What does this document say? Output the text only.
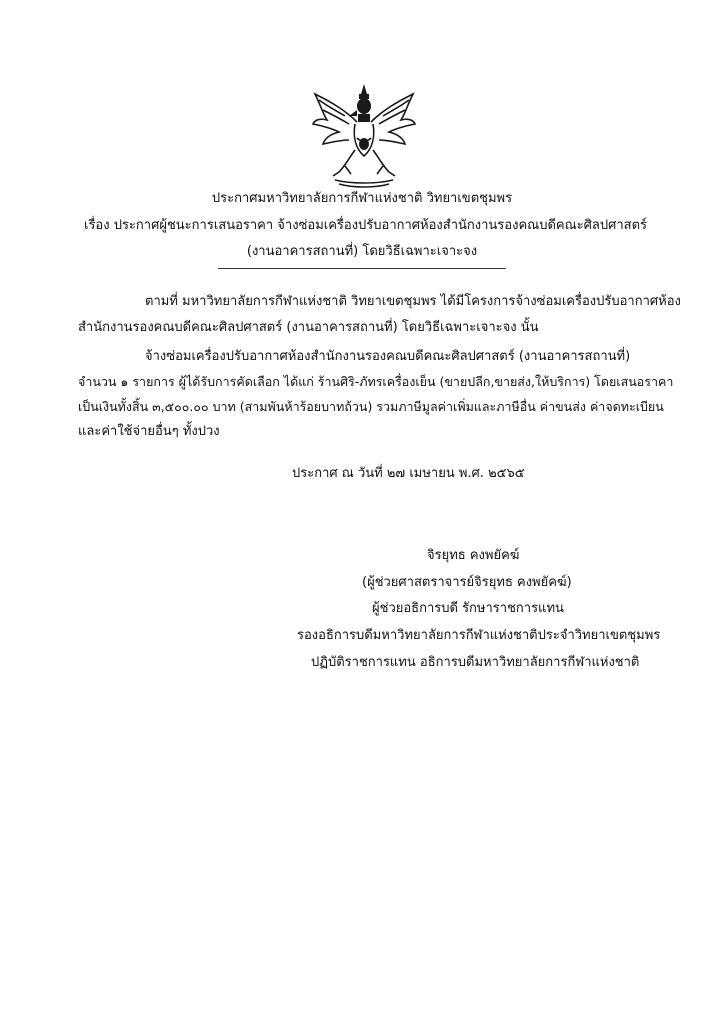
ประกาศมหาวิทยาลัยการกีฬาแห่งชาติ วิทยาเขตชุมพร
เรื่อง ประกาศผู้ชนะการเสนอราคา จ้างซ่อมเครื่องปรับอากาศห้องสำนักงานรองคณบดีคณะศิลปศาสตร์
(งานอาคารสถานที่) โดยวิธีเฉพาะเจาะจง
ตามที่ มหาวิทยาลัยการกีฬาแห่งชาติ วิทยาเขตชุมพร ได้มีโครงการจ้างซ่อมเครื่องปรับอากาศห้อง
สำนักงานรองคณบดีคณะศิลปศาสตร์ (งานอาคารสถานที่) โดยวิธีเฉพาะเจาะจง นั้น
จ้างซ่อมเครื่องปรับอากาศห้องสำนักงานรองคณบดีคณะศิลปศาสตร์ (งานอาคารสถานที่)
จำนวน ๑ รายการ ผู้ได้รับการคัดเลือก ได้แก่ ร้านศิริ-ภัทรเครื่องเย็น (ขายปลีก,ขายส่ง,ให้บริการ) โดยเสนอราคา
เป็นเงินทั้งสิ้น ๓,๕๐๐.๐๐ บาท (สามพันห้าร้อยบาทถ้วน) รวมภาษีมูลค่าเพิ่มและภาษีอื่น ค่าขนส่ง ค่าจดทะเบียน
และค่าใช้จ่ายอื่นๆ ทั้งปวง
ประกาศ ณ วันที่ ๒๗ เมษายน พ.ศ. ๒๕๖๕
จิรยุทธ คงพยัคฆ์
(ผู้ช่วยศาสตราจารย์จิรยุทธ คงพยัคฆ์)
ผู้ช่วยอธิการบดี รักษาราชการแทน
รองอธิการบดีมหาวิทยาลัยการกีฬาแห่งชาติประจำวิทยาเขตชุมพร
ปฏิบัติราชการแทน อธิการบดีมหาวิทยาลัยการกีฬาแห่งชาติ
